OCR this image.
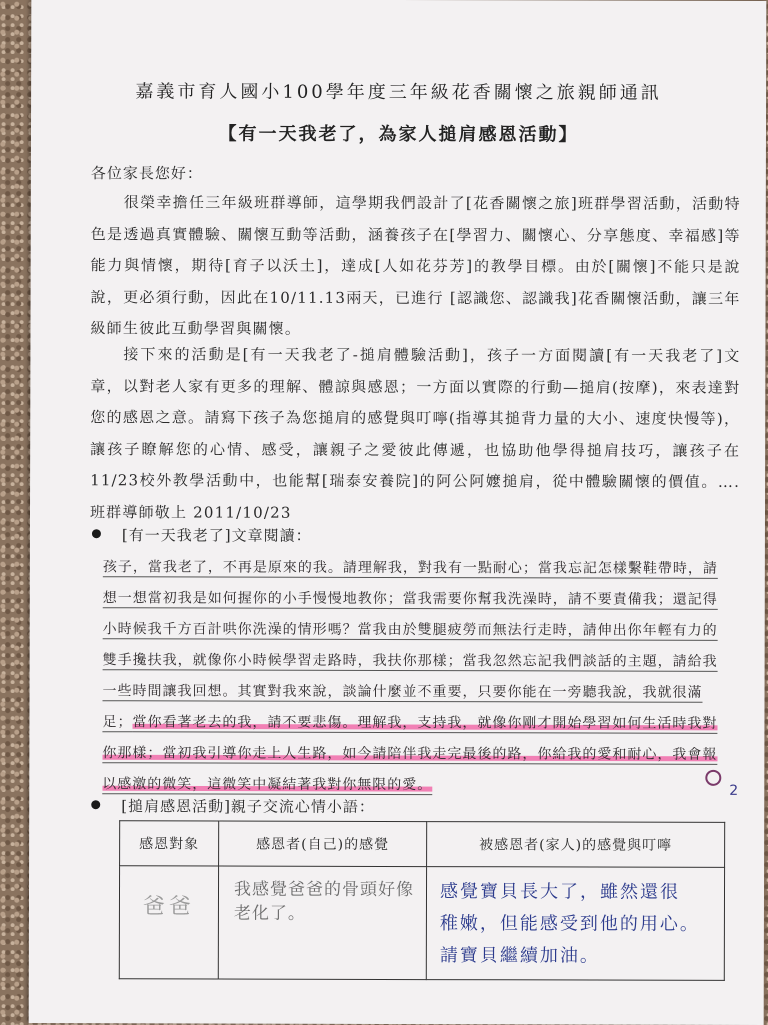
嘉義市育人國小100學年度三年級花香關懷之旅親師通訊
【有一天我老了，為家人搥肩感恩活動】
各位家長您好：
很榮幸擔任三年級班群導師，這學期我們設計了[花香關懷之旅]班群學習活動，活動特色是透過真實體驗、關懷互動等活動，涵養孩子在[學習力、關懷心、分享態度、幸福感]等能力與情懷，期待[育子以沃土]，達成[人如花芬芳]的教學目標。由於[關懷]不能只是說說，更必須行動，因此在10/11.13兩天，已進行 [認識您、認識我]花香關懷活動，讓三年級師生彼此互動學習與關懷。
接下來的活動是[有一天我老了-搥肩體驗活動]，孩子一方面閱讀[有一天我老了]文章，以對老人家有更多的理解、體諒與感恩；一方面以實際的行動—搥肩(按摩)，來表達對您的感恩之意。請寫下孩子為您搥肩的感覺與叮嚀(指導其搥背力量的大小、速度快慢等)，讓孩子瞭解您的心情、感受，讓親子之愛彼此傳遞，也協助他學得搥肩技巧，讓孩子在11/23校外教學活動中，也能幫[瑞泰安養院]的阿公阿嬤搥肩，從中體驗關懷的價值。….班群導師敬上 2011/10/23
[有一天我老了]文章閱讀：
孩子，當我老了，不再是原來的我。請理解我，對我有一點耐心；當我忘記怎樣繫鞋帶時，請想一想當初我是如何握你的小手慢慢地教你；當我需要你幫我洗澡時，請不要責備我；還記得小時候我千方百計哄你洗澡的情形嗎？當我由於雙腿疲勞而無法行走時，請伸出你年輕有力的雙手攙扶我，就像你小時候學習走路時，我扶你那樣；當我忽然忘記我們談話的主題，請給我一些時間讓我回想。其實對我來說，談論什麼並不重要，只要你能在一旁聽我說，我就很滿足；當你看著老去的我，請不要悲傷。理解我，支持我，就像你剛才開始學習如何生活時我對你那樣；當初我引導你走上人生路，如今請陪伴我走完最後的路，你給我的愛和耐心，我會報以感激的微笑，這微笑中凝結著我對你無限的愛。	2
[搥肩感恩活動]親子交流心情小語：
感恩對象	感恩者(自己)的感覺	被感恩者(家人)的感覺與叮嚀

爸爸	我感覺爸爸的骨頭好像老化了。	感覺寶貝長大了，雖然還很
稚嫩，但能感受到他的用心。
請寶貝繼續加油。
